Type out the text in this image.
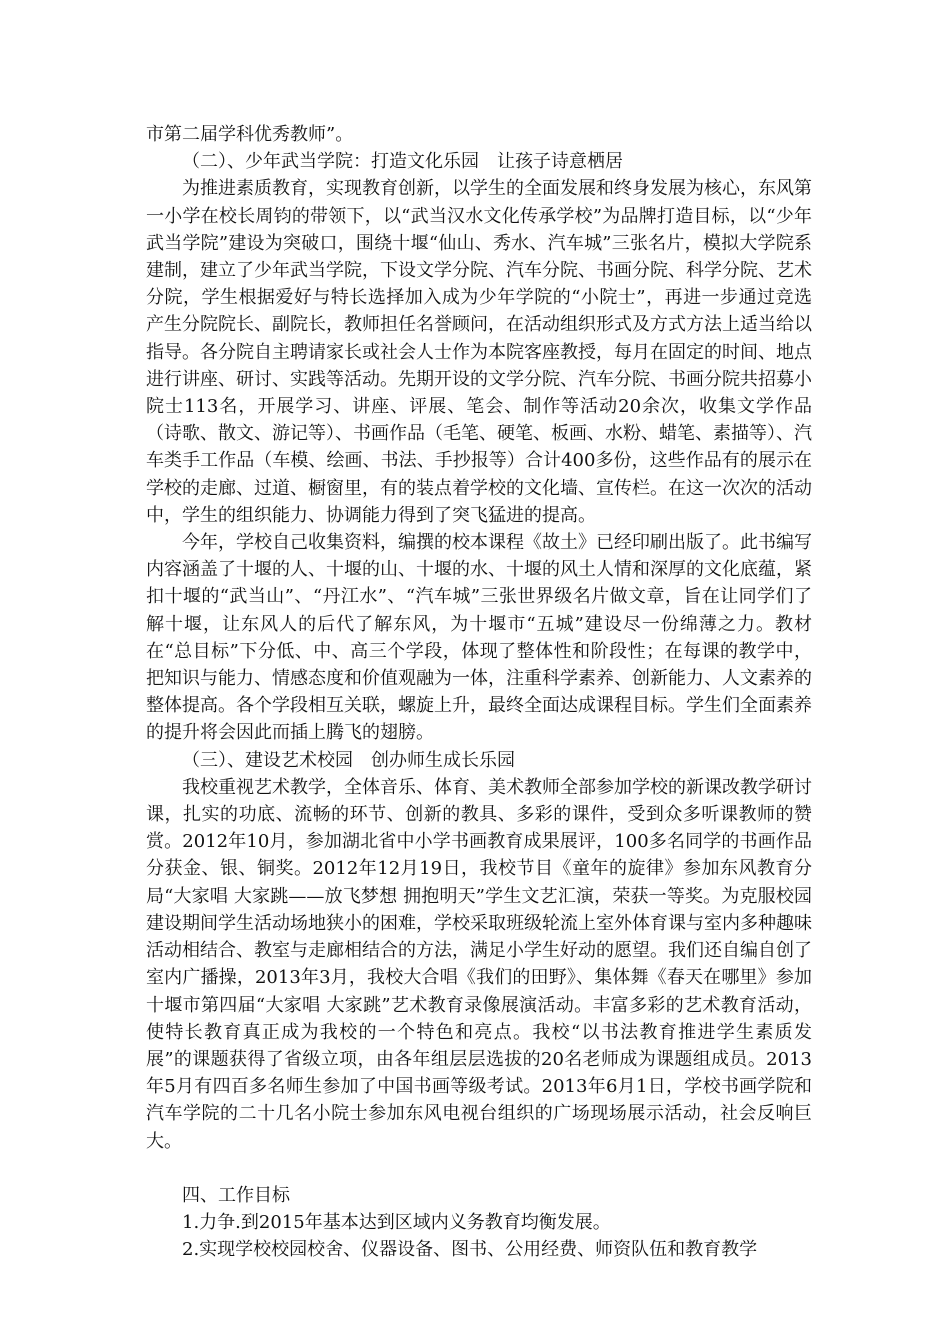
市第二届学科优秀教师”。

（二）、少年武当学院：打造文化乐园　让孩子诗意栖居

为推进素质教育，实现教育创新，以学生的全面发展和终身发展为核心，东风第一小学在校长周钧的带领下，以“武当汉水文化传承学校”为品牌打造目标，以“少年武当学院”建设为突破口，围绕十堰“仙山、秀水、汽车城”三张名片，模拟大学院系建制，建立了少年武当学院，下设文学分院、汽车分院、书画分院、科学分院、艺术分院，学生根据爱好与特长选择加入成为少年学院的“小院士”，再进一步通过竞选产生分院院长、副院长，教师担任名誉顾问，在活动组织形式及方式方法上适当给以指导。各分院自主聘请家长或社会人士作为本院客座教授，每月在固定的时间、地点进行讲座、研讨、实践等活动。先期开设的文学分院、汽车分院、书画分院共招募小院士113名，开展学习、讲座、评展、笔会、制作等活动20余次，收集文学作品（诗歌、散文、游记等）、书画作品（毛笔、硬笔、板画、水粉、蜡笔、素描等）、汽车类手工作品（车模、绘画、书法、手抄报等）合计400多份，这些作品有的展示在学校的走廊、过道、橱窗里，有的装点着学校的文化墙、宣传栏。在这一次次的活动中，学生的组织能力、协调能力得到了突飞猛进的提高。

今年，学校自己收集资料，编撰的校本课程《故土》已经印刷出版了。此书编写内容涵盖了十堰的人、十堰的山、十堰的水、十堰的风土人情和深厚的文化底蕴，紧扣十堰的“武当山”、“丹江水”、“汽车城”三张世界级名片做文章，旨在让同学们了解十堰，让东风人的后代了解东风，为十堰市“五城”建设尽一份绵薄之力。教材在“总目标”下分低、中、高三个学段，体现了整体性和阶段性；在每课的教学中，把知识与能力、情感态度和价值观融为一体，注重科学素养、创新能力、人文素养的整体提高。各个学段相互关联，螺旋上升，最终全面达成课程目标。学生们全面素养的提升将会因此而插上腾飞的翅膀。

（三）、建设艺术校园　创办师生成长乐园

我校重视艺术教学，全体音乐、体育、美术教师全部参加学校的新课改教学研讨课，扎实的功底、流畅的环节、创新的教具、多彩的课件，受到众多听课教师的赞赏。2012年10月，参加湖北省中小学书画教育成果展评，100多名同学的书画作品分获金、银、铜奖。2012年12月19日，我校节目《童年的旋律》参加东风教育分局“大家唱 大家跳——放飞梦想 拥抱明天”学生文艺汇演，荣获一等奖。为克服校园建设期间学生活动场地狭小的困难，学校采取班级轮流上室外体育课与室内多种趣味活动相结合、教室与走廊相结合的方法，满足小学生好动的愿望。我们还自编自创了室内广播操，2013年3月，我校大合唱《我们的田野》、集体舞《春天在哪里》参加十堰市第四届“大家唱 大家跳”艺术教育录像展演活动。丰富多彩的艺术教育活动，使特长教育真正成为我校的一个特色和亮点。我校“以书法教育推进学生素质发展”的课题获得了省级立项，由各年组层层选拔的20名老师成为课题组成员。2013年5月有四百多名师生参加了中国书画等级考试。2013年6月1日，学校书画学院和汽车学院的二十几名小院士参加东风电视台组织的广场现场展示活动，社会反响巨大。

四、工作目标

1.力争.到2015年基本达到区域内义务教育均衡发展。

2.实现学校校园校舍、仪器设备、图书、公用经费、师资队伍和教育教学
